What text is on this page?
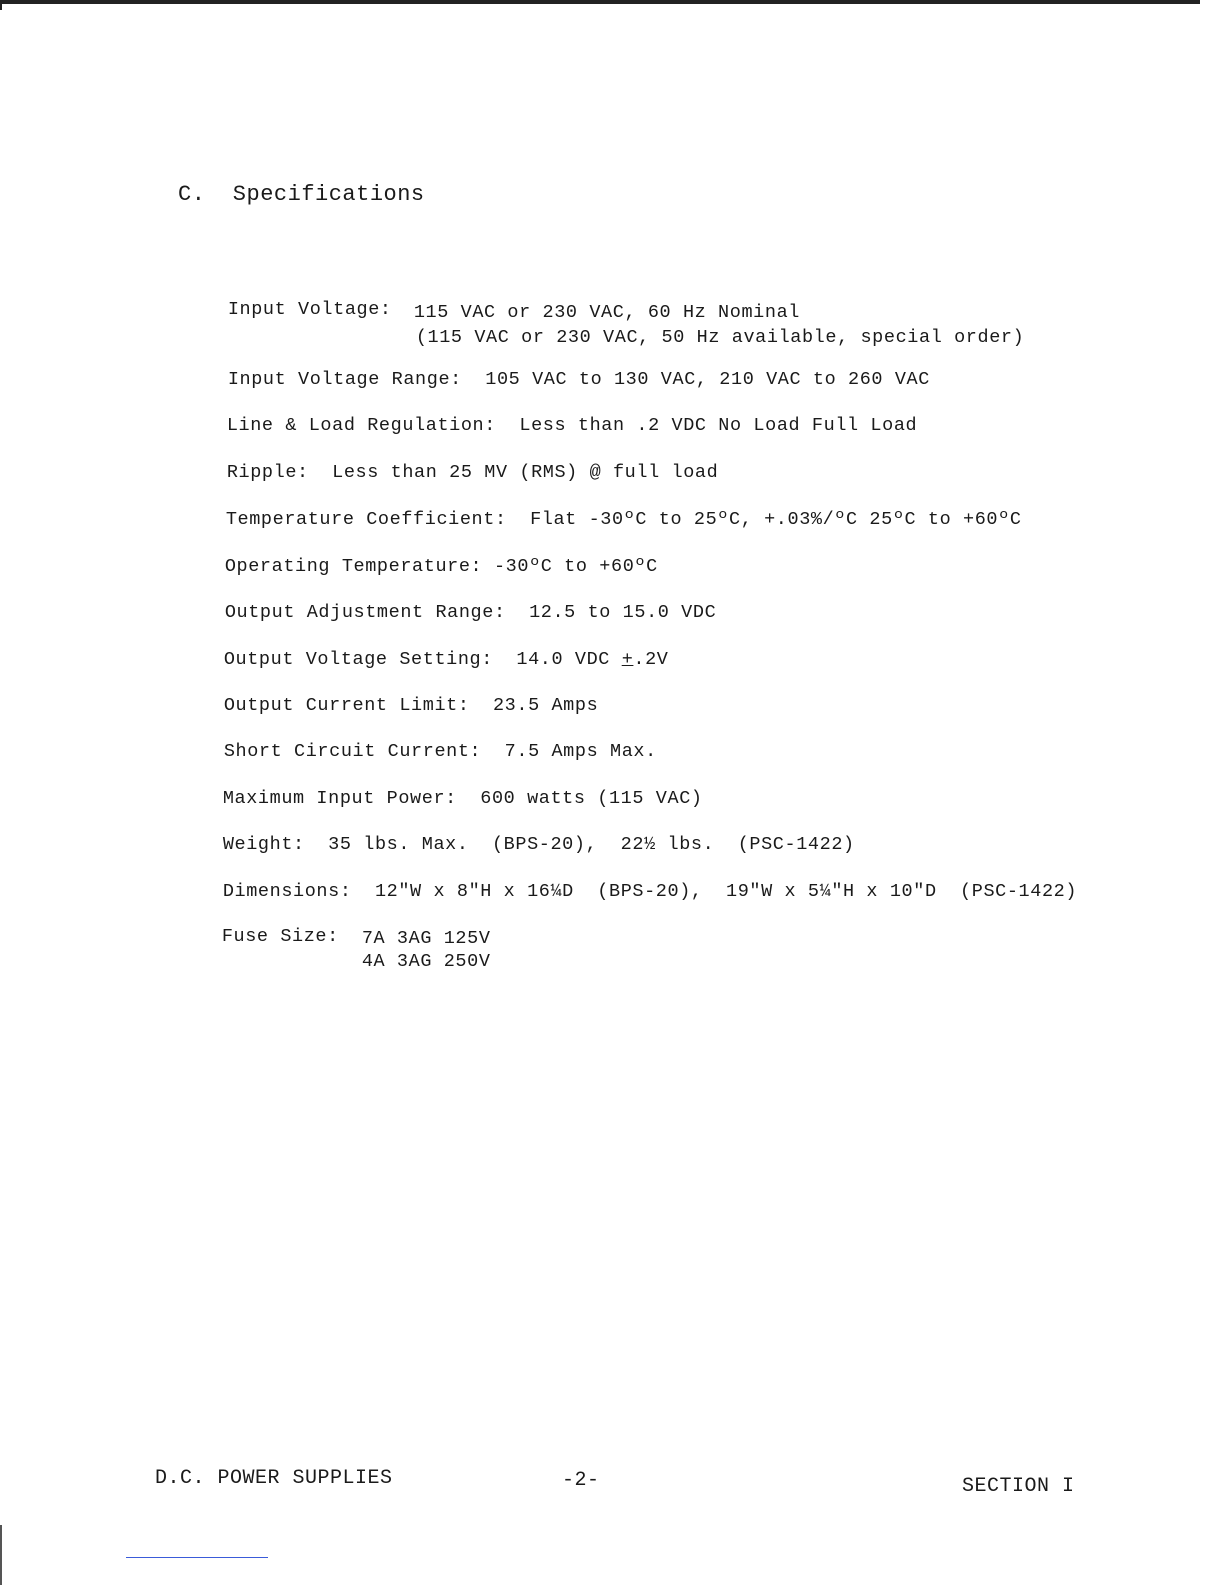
C.  Specifications

Input Voltage:
	115 VAC or 230 VAC, 60 Hz Nominal

(115 VAC or 230 VAC, 50 Hz available, special order)

Input Voltage Range: 105 VAC to 130 VAC, 210 VAC to 260 VAC

Line & Load Regulation: Less than .2 VDC No Load Full Load

Ripple: Less than 25 MV (RMS) @ full load

Temperature Coefficient: Flat -30ºC to 25ºC, +.03%/ºC 25ºC to +60ºC

Operating Temperature: -30ºC to +60ºC

Output Adjustment Range: 12.5 to 15.0 VDC

Output Voltage Setting: 14.0 VDC +.2V

Output Current Limit: 23.5 Amps

Short Circuit Current: 7.5 Amps Max.

Maximum Input Power: 600 watts (115 VAC)

Weight: 35 lbs. Max.  (BPS-20),  22½ lbs.  (PSC-1422)

Dimensions: 12"W x 8"H x 16¼D  (BPS-20),  19"W x 5¼"H x 10"D  (PSC-1422)

Fuse Size:
	7A 3AG 125V

4A 3AG 250V

D.C. POWER SUPPLIES	-2-	SECTION I
